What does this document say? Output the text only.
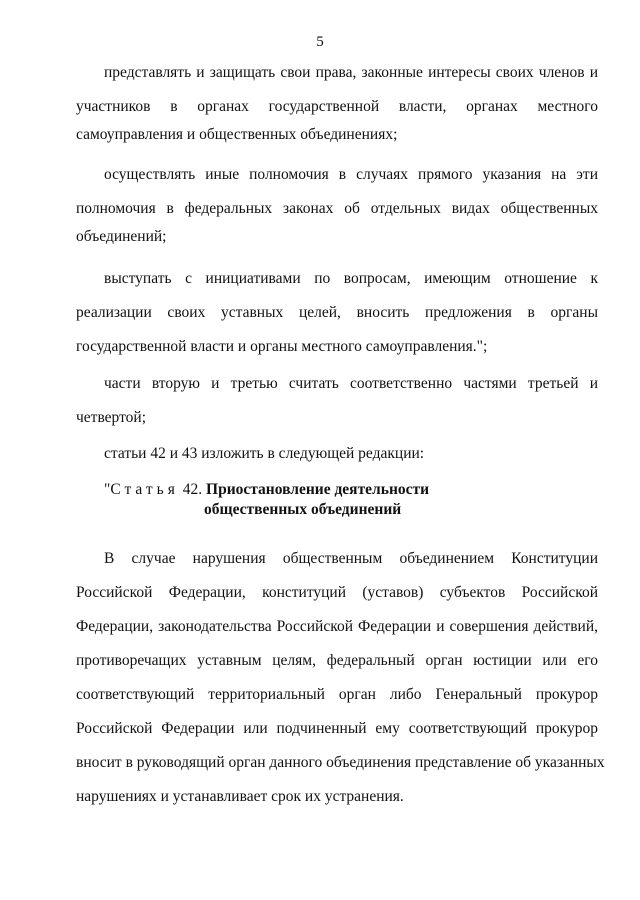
5
представлять и защищать свои права, законные интересы своих членов и
участников в органах государственной власти, органах местного
самоуправления и общественных объединениях;
осуществлять иные полномочия в случаях прямого указания на эти
полномочия в федеральных законах об отдельных видах общественных
объединений;
выступать с инициативами по вопросам, имеющим отношение к
реализации своих уставных целей, вносить предложения в органы
государственной власти и органы местного самоуправления.";
части вторую и третью считать соответственно частями третьей и
четвертой;
статьи 42 и 43 изложить в следующей редакции:
"Статья 42. Приостановление деятельности
общественных объединений
В случае нарушения общественным объединением Конституции
Российской Федерации, конституций (уставов) субъектов Российской
Федерации, законодательства Российской Федерации и совершения действий,
противоречащих уставным целям, федеральный орган юстиции или его
соответствующий территориальный орган либо Генеральный прокурор
Российской Федерации или подчиненный ему соответствующий прокурор
вносит в руководящий орган данного объединения представление об указанных
нарушениях и устанавливает срок их устранения.
